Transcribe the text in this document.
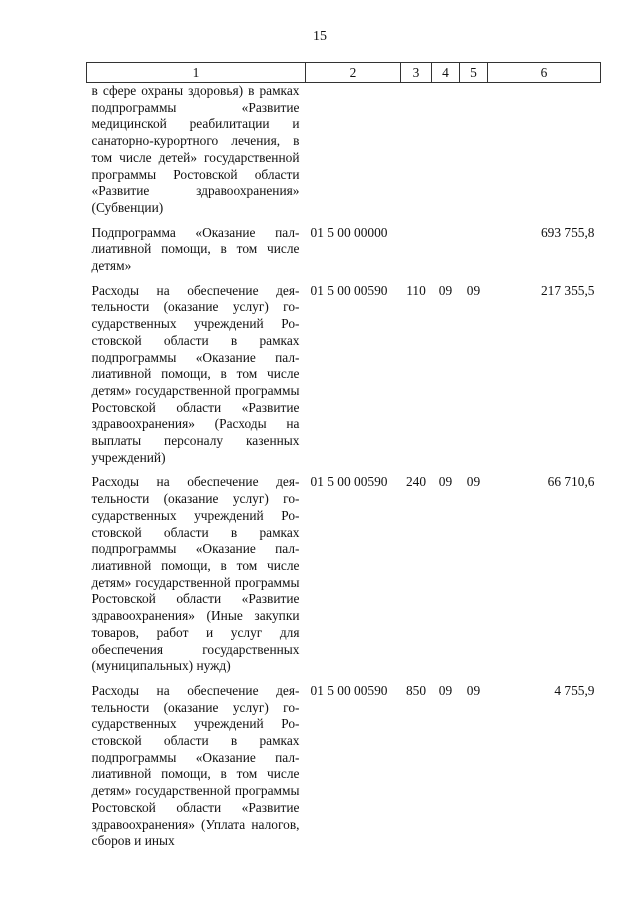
15
1	2	3	4	5	6
в сфере охраны здоровья) в рамках подпрограммы «Развитие медицинской реабилитации и санаторно-курортного лечения, в том числе детей» государственной программы Ростовской области «Развитие здравоохранения» (Субвенции)					
Подпрограмма «Оказание паллиативной помощи, в том числе детям»	01 5 00 00000				693 755,8
Расходы на обеспечение деятельности (оказание услуг) государственных учреждений Ростовской области в рамках подпрограммы «Оказание паллиативной помощи, в том числе детям» государственной программы Ростовской области «Развитие здравоохранения» (Расходы на выплаты персоналу казенных учреждений)	01 5 00 00590	110	09	09	217 355,5
Расходы на обеспечение деятельности (оказание услуг) государственных учреждений Ростовской области в рамках подпрограммы «Оказание паллиативной помощи, в том числе детям» государственной программы Ростовской области «Развитие здравоохранения» (Иные закупки товаров, работ и услуг для обеспечения государственных (муниципальных) нужд)	01 5 00 00590	240	09	09	66 710,6
Расходы на обеспечение деятельности (оказание услуг) государственных учреждений Ростовской области в рамках подпрограммы «Оказание паллиативной помощи, в том числе детям» государственной программы Ростовской области «Развитие здравоохранения» (Уплата налогов, сборов и иных	01 5 00 00590	850	09	09	4 755,9
